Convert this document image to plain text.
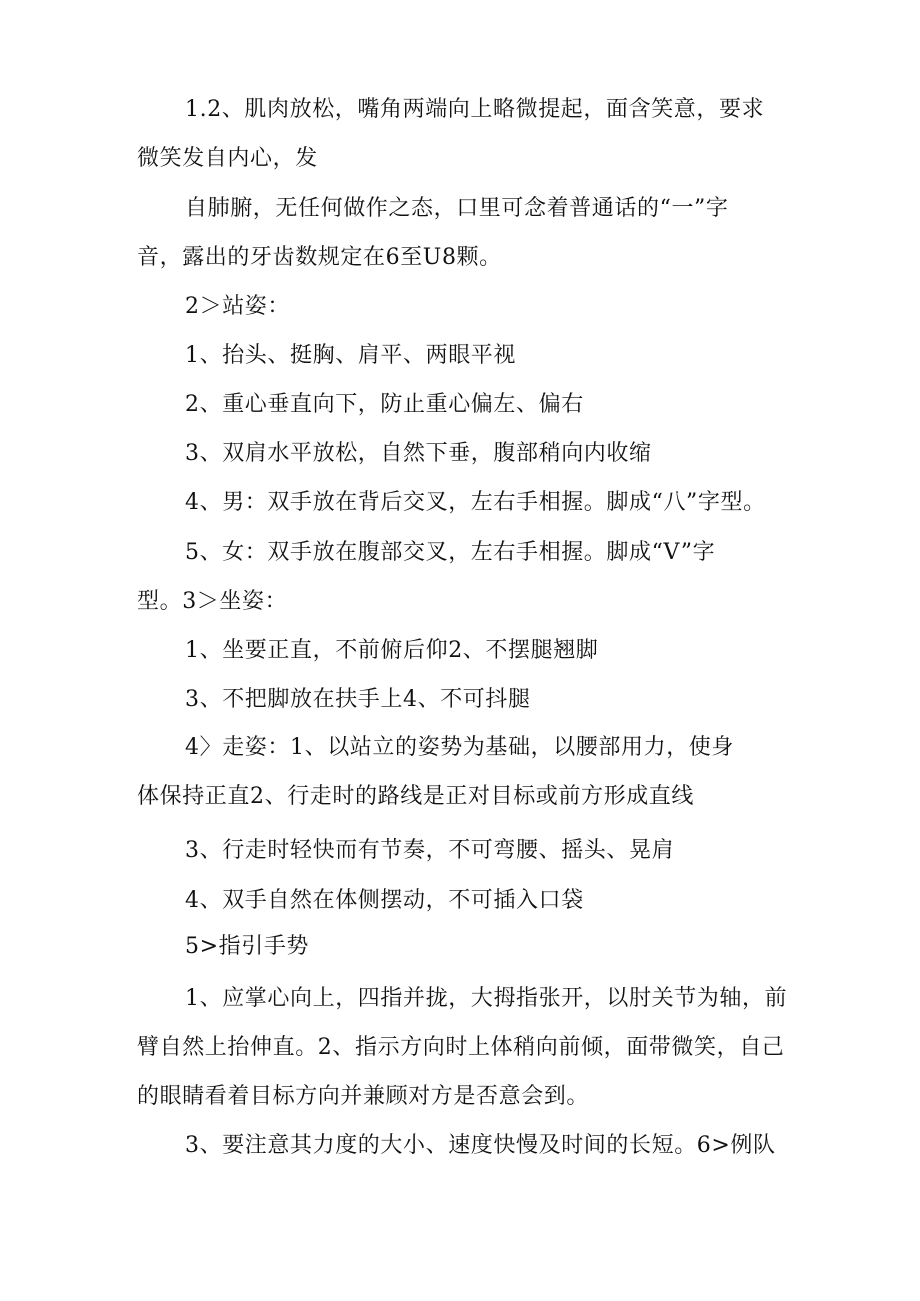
1.2、肌肉放松，嘴角两端向上略微提起，面含笑意，要求
微笑发自内心，发
自肺腑，无任何做作之态，口里可念着普通话的“一”字
音，露出的牙齿数规定在6至U8颗。
2＞站姿：
1、抬头、挺胸、肩平、两眼平视
2、重心垂直向下，防止重心偏左、偏右
3、双肩水平放松，自然下垂，腹部稍向内收缩
4、男：双手放在背后交叉，左右手相握。脚成“八”字型。
5、女：双手放在腹部交叉，左右手相握。脚成“V”字
型。3＞坐姿：
1、坐要正直，不前俯后仰2、不摆腿翘脚
3、不把脚放在扶手上4、不可抖腿
4〉走姿：1、以站立的姿势为基础，以腰部用力，使身
体保持正直2、行走时的路线是正对目标或前方形成直线
3、行走时轻快而有节奏，不可弯腰、摇头、晃肩
4、双手自然在体侧摆动，不可插入口袋
5>指引手势
1、应掌心向上，四指并拢，大拇指张开，以肘关节为轴，前
臂自然上抬伸直。2、指示方向时上体稍向前倾，面带微笑，自己
的眼睛看着目标方向并兼顾对方是否意会到。
3、要注意其力度的大小、速度快慢及时间的长短。6>例队
